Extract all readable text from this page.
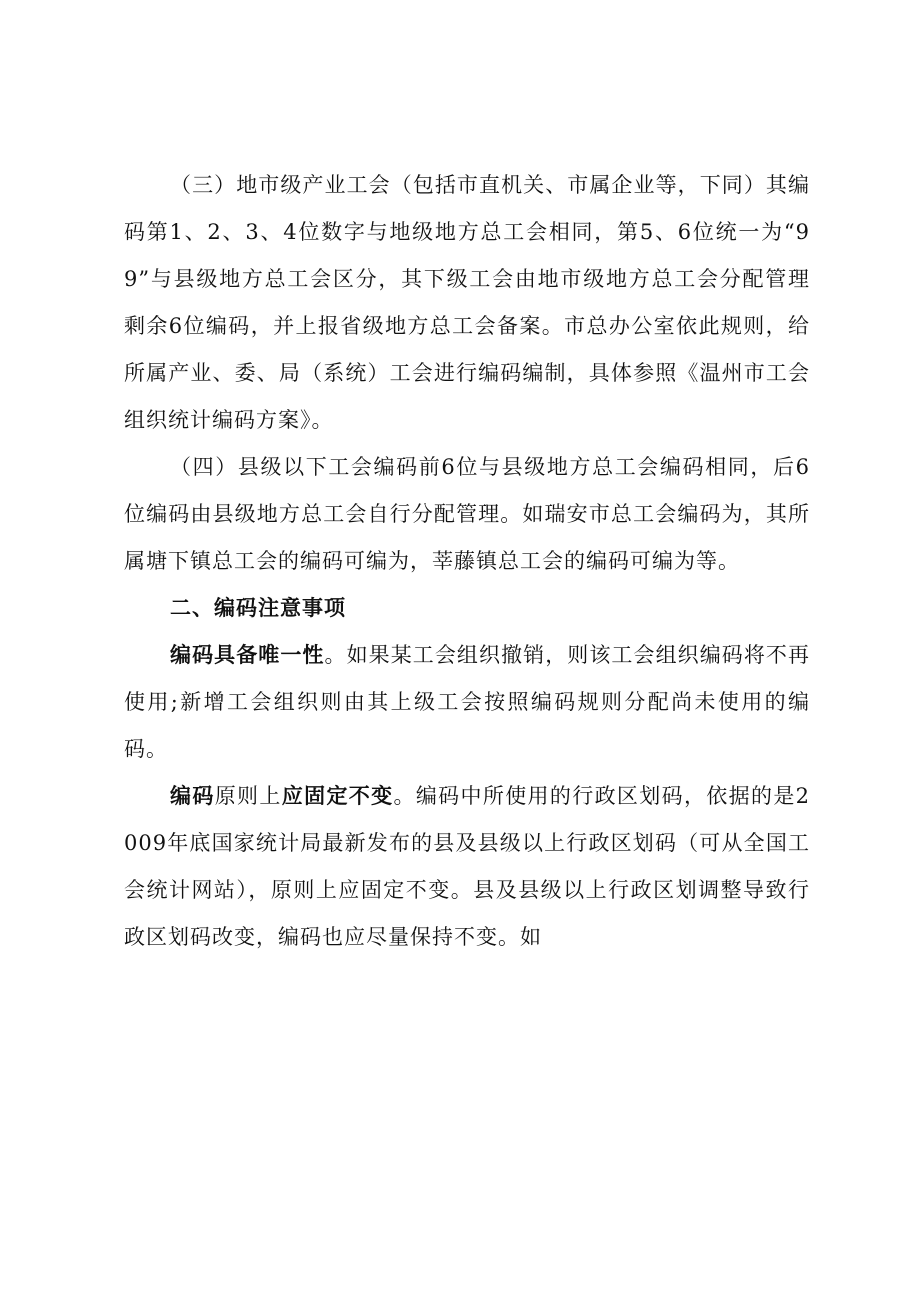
（三）地市级产业工会（包括市直机关、市属企业等，下同）其编码第1、2、3、4位数字与地级地方总工会相同，第5、6位统一为“99”与县级地方总工会区分，其下级工会由地市级地方总工会分配管理剩余6位编码，并上报省级地方总工会备案。市总办公室依此规则，给所属产业、委、局（系统）工会进行编码编制，具体参照《温州市工会组织统计编码方案》。

（四）县级以下工会编码前6位与县级地方总工会编码相同，后6位编码由县级地方总工会自行分配管理。如瑞安市总工会编码为，其所属塘下镇总工会的编码可编为，莘藤镇总工会的编码可编为等。

二、编码注意事项

编码具备唯一性。如果某工会组织撤销，则该工会组织编码将不再使用;新增工会组织则由其上级工会按照编码规则分配尚未使用的编码。

编码原则上应固定不变。编码中所使用的行政区划码，依据的是2009年底国家统计局最新发布的县及县级以上行政区划码（可从全国工会统计网站），原则上应固定不变。县及县级以上行政区划调整导致行政区划码改变，编码也应尽量保持不变。如
